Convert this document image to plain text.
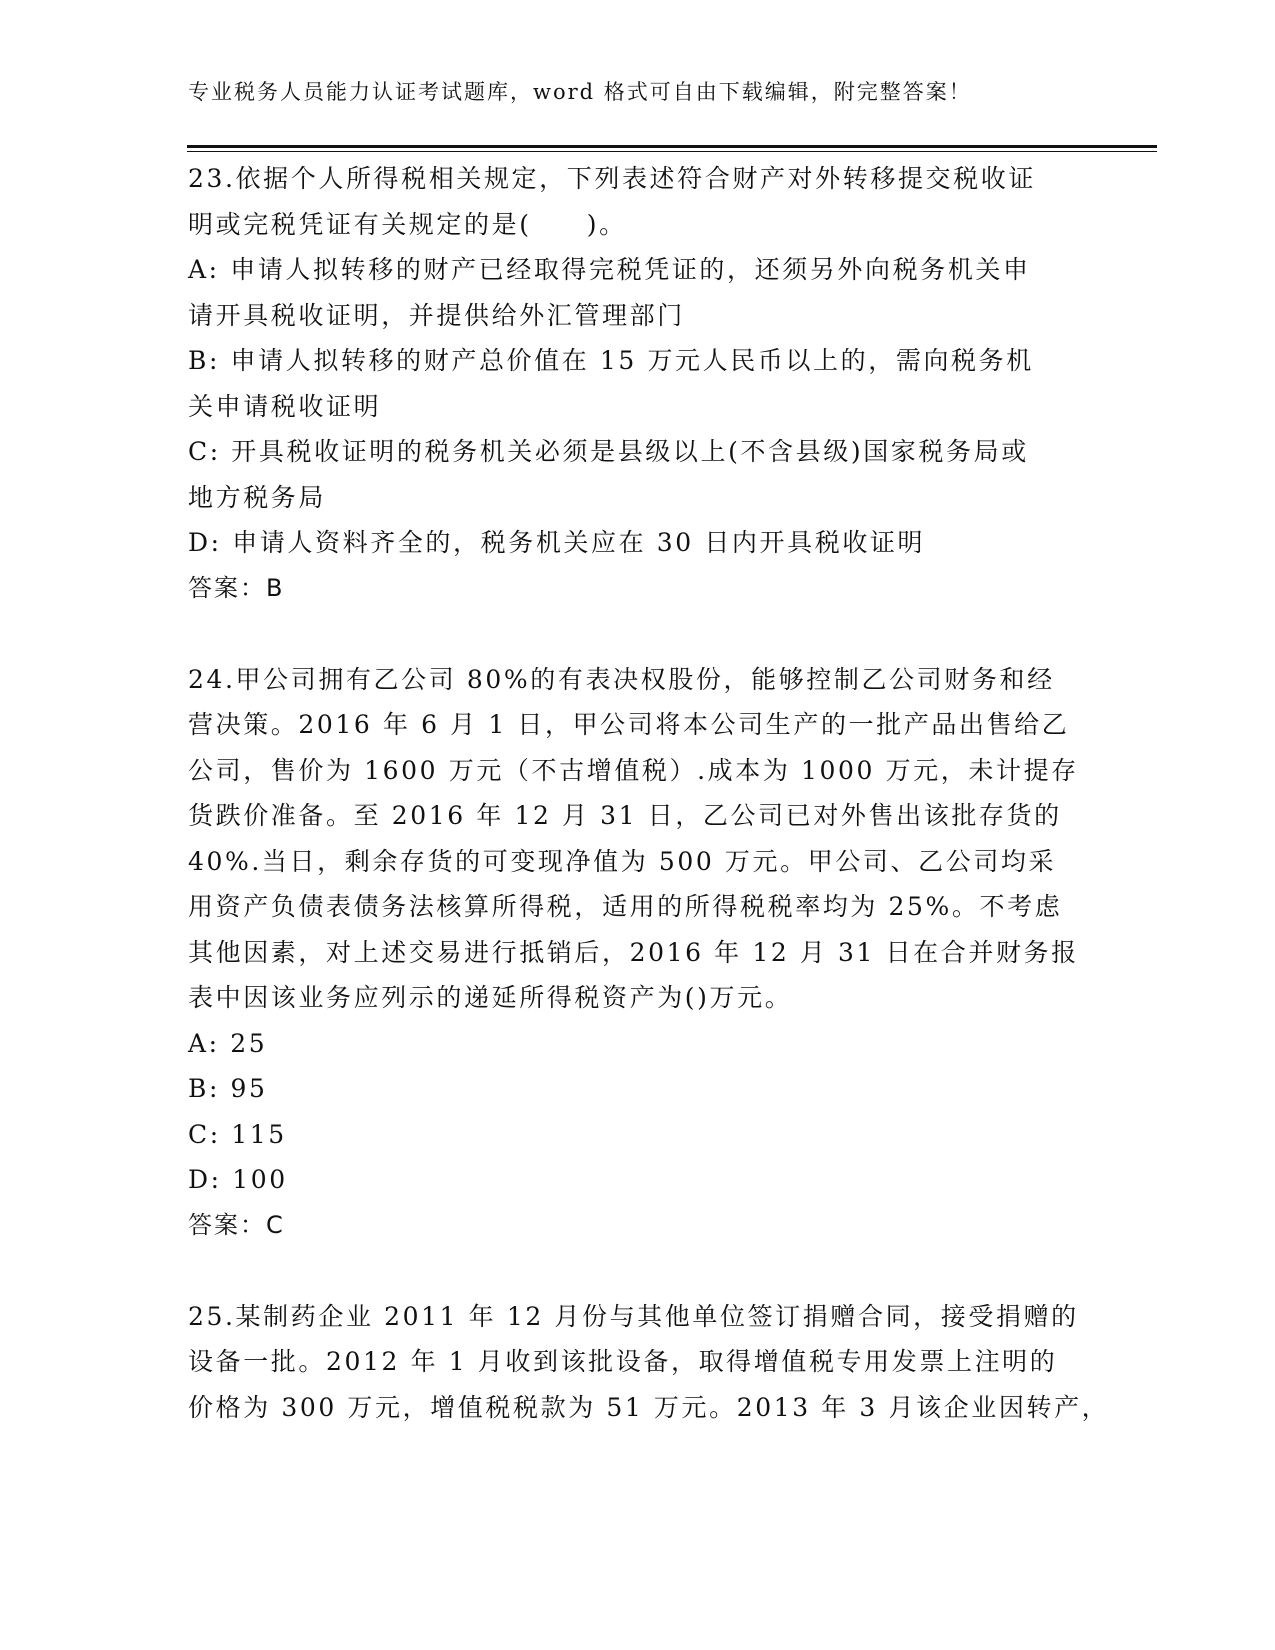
专业税务人员能力认证考试题库，word 格式可自由下载编辑，附完整答案！
23.依据个人所得税相关规定，下列表述符合财产对外转移提交税收证
明或完税凭证有关规定的是(　　)。
A: 申请人拟转移的财产已经取得完税凭证的，还须另外向税务机关申
请开具税收证明，并提供给外汇管理部门
B: 申请人拟转移的财产总价值在 15 万元人民币以上的，需向税务机
关申请税收证明
C: 开具税收证明的税务机关必须是县级以上(不含县级)国家税务局或
地方税务局
D: 申请人资料齐全的，税务机关应在 30 日内开具税收证明
答案：B
24.甲公司拥有乙公司 80%的有表决权股份，能够控制乙公司财务和经
营决策。2016 年 6 月 1 日，甲公司将本公司生产的一批产品出售给乙
公司，售价为 1600 万元（不古增值税）.成本为 1000 万元，未计提存
货跌价准备。至 2016 年 12 月 31 日，乙公司已对外售出该批存货的
40%.当日，剩余存货的可变现净值为 500 万元。甲公司、乙公司均采
用资产负债表债务法核算所得税，适用的所得税税率均为 25%。不考虑
其他因素，对上述交易进行抵销后，2016 年 12 月 31 日在合并财务报
表中因该业务应列示的递延所得税资产为()万元。
A: 25
B: 95
C: 115
D: 100
答案：C
25.某制药企业 2011 年 12 月份与其他单位签订捐赠合同，接受捐赠的
设备一批。2012 年 1 月收到该批设备，取得增值税专用发票上注明的
价格为 300 万元，增值税税款为 51 万元。2013 年 3 月该企业因转产，
